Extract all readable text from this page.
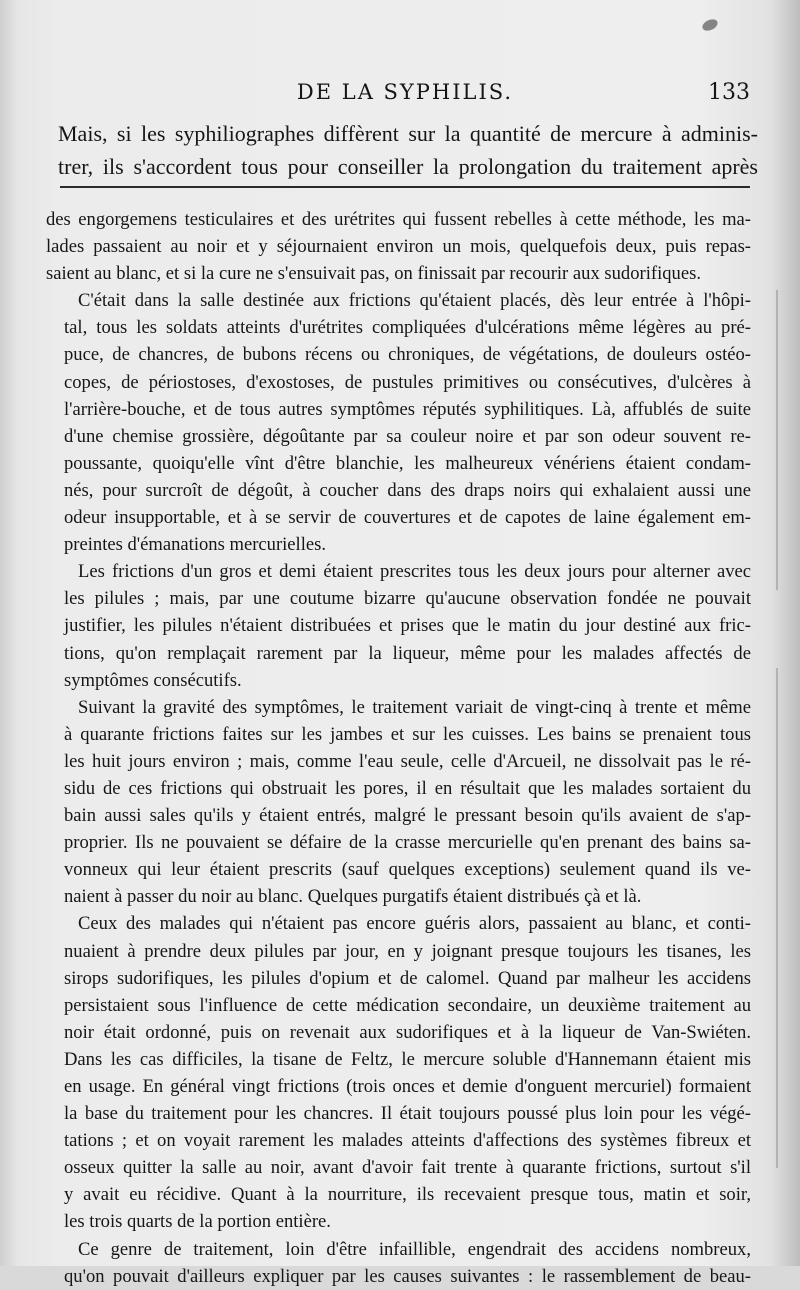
DE LA SYPHILIS.	133
Mais, si les syphiliographes diffèrent sur la quantité de mercure à adminis-
trer, ils s'accordent tous pour conseiller la prolongation du traitement après
des engorgemens testiculaires et des urétrites qui fussent rebelles à cette méthode, les ma-
lades passaient au noir et y séjournaient environ un mois, quelquefois deux, puis repas-
saient au blanc, et si la cure ne s'ensuivait pas, on finissait par recourir aux sudorifiques.
C'était dans la salle destinée aux frictions qu'étaient placés, dès leur entrée à l'hôpi-
tal, tous les soldats atteints d'urétrites compliquées d'ulcérations même légères au pré-
puce, de chancres, de bubons récens ou chroniques, de végétations, de douleurs ostéo-
copes, de périostoses, d'exostoses, de pustules primitives ou consécutives, d'ulcères à
l'arrière-bouche, et de tous autres symptômes réputés syphilitiques. Là, affublés de suite
d'une chemise grossière, dégoûtante par sa couleur noire et par son odeur souvent re-
poussante, quoiqu'elle vînt d'être blanchie, les malheureux vénériens étaient condam-
nés, pour surcroît de dégoût, à coucher dans des draps noirs qui exhalaient aussi une
odeur insupportable, et à se servir de couvertures et de capotes de laine également em-
preintes d'émanations mercurielles.
Les frictions d'un gros et demi étaient prescrites tous les deux jours pour alterner avec
les pilules ; mais, par une coutume bizarre qu'aucune observation fondée ne pouvait
justifier, les pilules n'étaient distribuées et prises que le matin du jour destiné aux fric-
tions, qu'on remplaçait rarement par la liqueur, même pour les malades affectés de
symptômes consécutifs.
Suivant la gravité des symptômes, le traitement variait de vingt-cinq à trente et même
à quarante frictions faites sur les jambes et sur les cuisses. Les bains se prenaient tous
les huit jours environ ; mais, comme l'eau seule, celle d'Arcueil, ne dissolvait pas le ré-
sidu de ces frictions qui obstruait les pores, il en résultait que les malades sortaient du
bain aussi sales qu'ils y étaient entrés, malgré le pressant besoin qu'ils avaient de s'ap-
proprier. Ils ne pouvaient se défaire de la crasse mercurielle qu'en prenant des bains sa-
vonneux qui leur étaient prescrits (sauf quelques exceptions) seulement quand ils ve-
naient à passer du noir au blanc. Quelques purgatifs étaient distribués çà et là.
Ceux des malades qui n'étaient pas encore guéris alors, passaient au blanc, et conti-
nuaient à prendre deux pilules par jour, en y joignant presque toujours les tisanes, les
sirops sudorifiques, les pilules d'opium et de calomel. Quand par malheur les accidens
persistaient sous l'influence de cette médication secondaire, un deuxième traitement au
noir était ordonné, puis on revenait aux sudorifiques et à la liqueur de Van-Swiéten.
Dans les cas difficiles, la tisane de Feltz, le mercure soluble d'Hannemann étaient mis
en usage. En général vingt frictions (trois onces et demie d'onguent mercuriel) formaient
la base du traitement pour les chancres. Il était toujours poussé plus loin pour les végé-
tations ; et on voyait rarement les malades atteints d'affections des systèmes fibreux et
osseux quitter la salle au noir, avant d'avoir fait trente à quarante frictions, surtout s'il
y avait eu récidive. Quant à la nourriture, ils recevaient presque tous, matin et soir,
les trois quarts de la portion entière.
Ce genre de traitement, loin d'être infaillible, engendrait des accidens nombreux,
qu'on pouvait d'ailleurs expliquer par les causes suivantes : le rassemblement de beau-
